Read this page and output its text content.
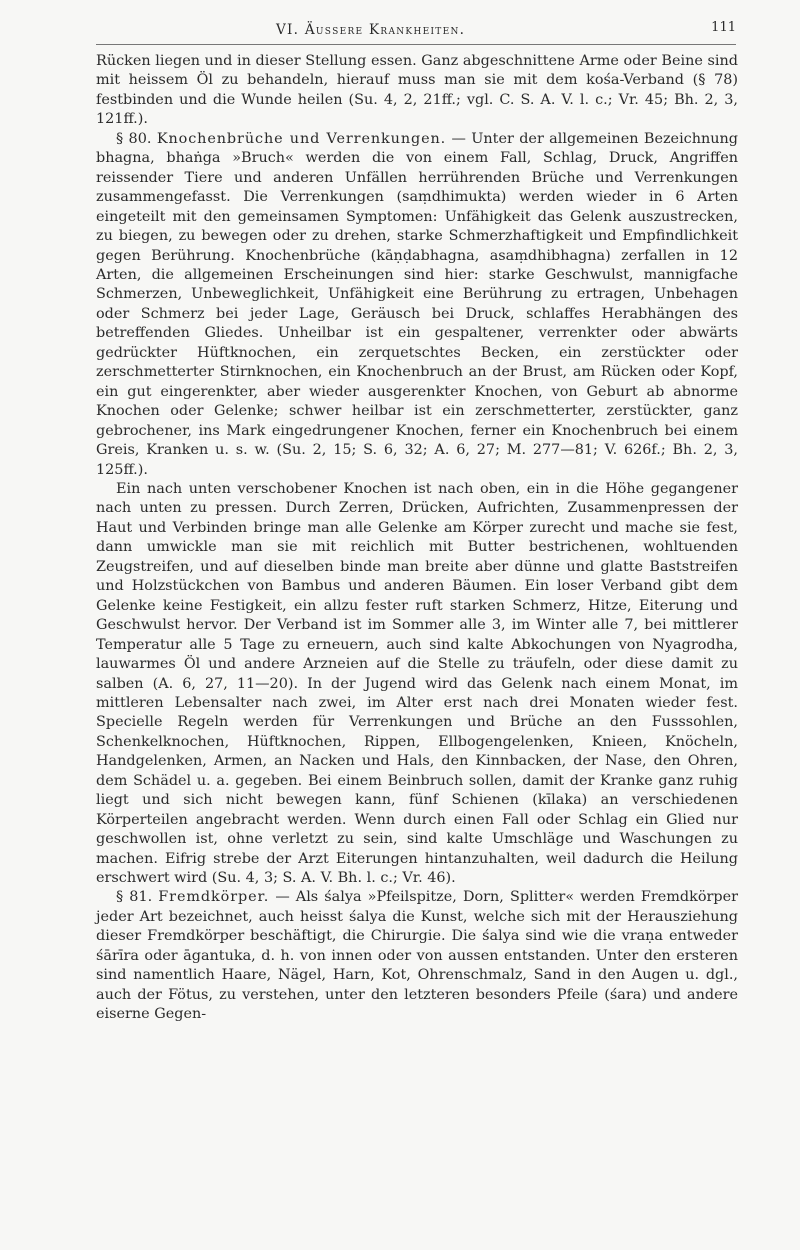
VI. Äussere Krankheiten.	111

Rücken liegen und in dieser Stellung essen. Ganz abgeschnittene Arme oder Beine sind mit heissem Öl zu behandeln, hierauf muss man sie mit dem kośa-Verband (§ 78) festbinden und die Wunde heilen (Su. 4, 2, 21ff.; vgl. C. S. A. V. l. c.; Vr. 45; Bh. 2, 3, 121ff.).

§ 80. Knochenbrüche und Verrenkungen. — Unter der allgemeinen Bezeichnung bhagna, bhaṅga »Bruch« werden die von einem Fall, Schlag, Druck, Angriffen reissender Tiere und anderen Unfällen herrührenden Brüche und Verrenkungen zusammengefasst. Die Verrenkungen (saṃdhimukta) werden wieder in 6 Arten eingeteilt mit den gemeinsamen Symptomen: Unfähigkeit das Gelenk auszustrecken, zu biegen, zu bewegen oder zu drehen, starke Schmerzhaftigkeit und Empfindlichkeit gegen Berührung. Knochenbrüche (kāṇḍabhagna, asaṃdhibhagna) zerfallen in 12 Arten, die allgemeinen Erscheinungen sind hier: starke Geschwulst, mannigfache Schmerzen, Unbeweglichkeit, Unfähigkeit eine Berührung zu ertragen, Unbehagen oder Schmerz bei jeder Lage, Geräusch bei Druck, schlaffes Herabhängen des betreffenden Gliedes. Unheilbar ist ein gespaltener, verrenkter oder abwärts gedrückter Hüftknochen, ein zerquetschtes Becken, ein zerstückter oder zerschmetterter Stirnknochen, ein Knochenbruch an der Brust, am Rücken oder Kopf, ein gut eingerenkter, aber wieder ausgerenkter Knochen, von Geburt ab abnorme Knochen oder Gelenke; schwer heilbar ist ein zerschmetterter, zerstückter, ganz gebrochener, ins Mark eingedrungener Knochen, ferner ein Knochenbruch bei einem Greis, Kranken u. s. w. (Su. 2, 15; S. 6, 32; A. 6, 27; M. 277—81; V. 626f.; Bh. 2, 3, 125ff.).

Ein nach unten verschobener Knochen ist nach oben, ein in die Höhe gegangener nach unten zu pressen. Durch Zerren, Drücken, Aufrichten, Zusammenpressen der Haut und Verbinden bringe man alle Gelenke am Körper zurecht und mache sie fest, dann umwickle man sie mit reichlich mit Butter bestrichenen, wohltuenden Zeugstreifen, und auf dieselben binde man breite aber dünne und glatte Baststreifen und Holzstückchen von Bambus und anderen Bäumen. Ein loser Verband gibt dem Gelenke keine Festigkeit, ein allzu fester ruft starken Schmerz, Hitze, Eiterung und Geschwulst hervor. Der Verband ist im Sommer alle 3, im Winter alle 7, bei mittlerer Temperatur alle 5 Tage zu erneuern, auch sind kalte Abkochungen von Nyagrodha, lauwarmes Öl und andere Arzneien auf die Stelle zu träufeln, oder diese damit zu salben (A. 6, 27, 11—20). In der Jugend wird das Gelenk nach einem Monat, im mittleren Lebensalter nach zwei, im Alter erst nach drei Monaten wieder fest. Specielle Regeln werden für Verrenkungen und Brüche an den Fusssohlen, Schenkelknochen, Hüftknochen, Rippen, Ellbogengelenken, Knieen, Knöcheln, Handgelenken, Armen, an Nacken und Hals, den Kinnbacken, der Nase, den Ohren, dem Schädel u. a. gegeben. Bei einem Beinbruch sollen, damit der Kranke ganz ruhig liegt und sich nicht bewegen kann, fünf Schienen (kīlaka) an verschiedenen Körperteilen angebracht werden. Wenn durch einen Fall oder Schlag ein Glied nur geschwollen ist, ohne verletzt zu sein, sind kalte Umschläge und Waschungen zu machen. Eifrig strebe der Arzt Eiterungen hintanzuhalten, weil dadurch die Heilung erschwert wird (Su. 4, 3; S. A. V. Bh. l. c.; Vr. 46).

§ 81. Fremdkörper. — Als śalya »Pfeilspitze, Dorn, Splitter« werden Fremdkörper jeder Art bezeichnet, auch heisst śalya die Kunst, welche sich mit der Herausziehung dieser Fremdkörper beschäftigt, die Chirurgie. Die śalya sind wie die vraṇa entweder śārīra oder āgantuka, d. h. von innen oder von aussen entstanden. Unter den ersteren sind namentlich Haare, Nägel, Harn, Kot, Ohrenschmalz, Sand in den Augen u. dgl., auch der Fötus, zu verstehen, unter den letzteren besonders Pfeile (śara) und andere eiserne Gegen-
